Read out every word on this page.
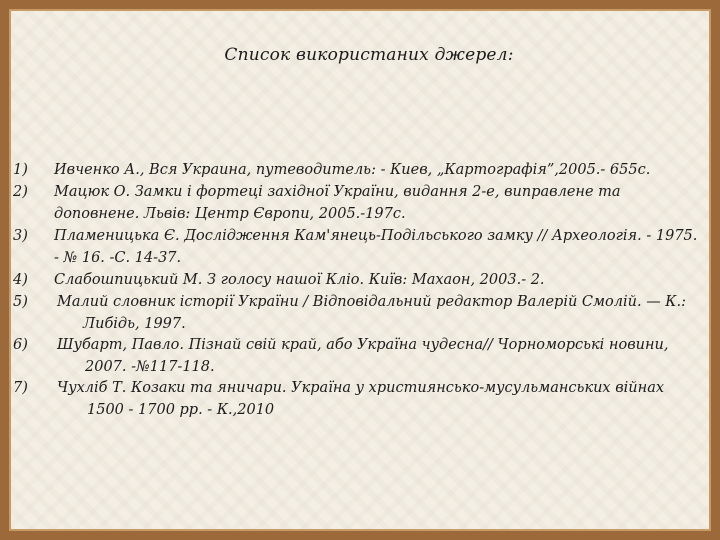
Список використаних джерел:
1) Ивченко А., Вся Украина, путеводитель: - Киев, „Картографія”,2005.- 655с.
2) Мацюк О. Замки і фортеці західної України, видання 2-е, виправлене та
доповнене. Львів: Центр Європи, 2005.-197с.
3) Пламеницька Є. Дослідження Кам'янець-Подільського замку // Археологія. - 1975.
- № 16. -С. 14-37.
4) Слабошпицький М. З голосу нашої Кліо. Київ: Махаон, 2003.- 2.
5) Малий словник історії України / Відповідальний редактор Валерій Смолій. — К.:
Либідь, 1997.
6) Шубарт, Павло. Пізнай свій край, або Україна чудесна// Чорноморські новини,
2007. -№117-118.
7) Чухліб Т. Козаки та яничари. Україна у християнсько-мусульманських війнах
1500 - 1700 рр. - К.,2010
